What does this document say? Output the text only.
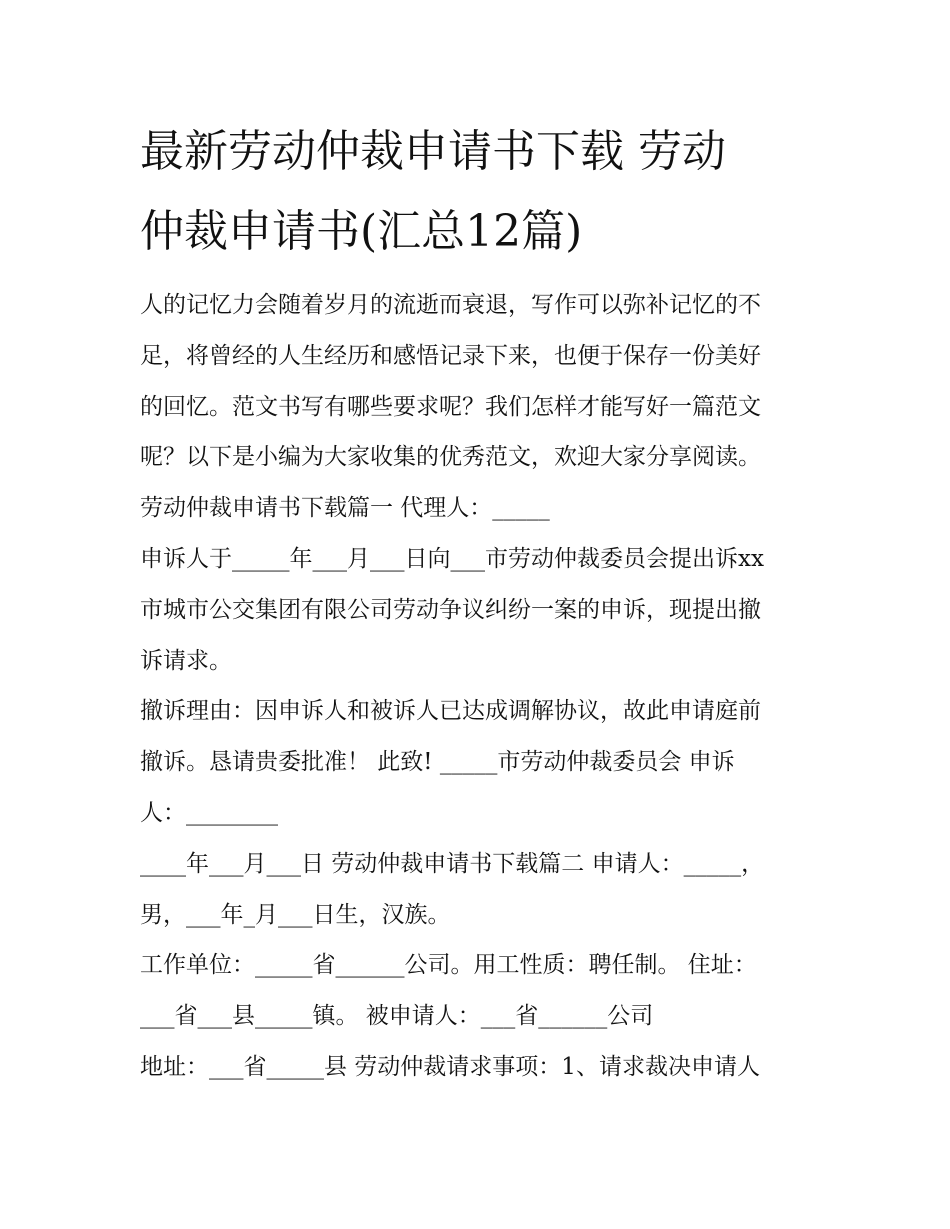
最新劳动仲裁申请书下载 劳动
仲裁申请书(汇总12篇)
人的记忆力会随着岁月的流逝而衰退，写作可以弥补记忆的不
足，将曾经的人生经历和感悟记录下来，也便于保存一份美好
的回忆。范文书写有哪些要求呢？我们怎样才能写好一篇范文
呢？以下是小编为大家收集的优秀范文，欢迎大家分享阅读。
劳动仲裁申请书下载篇一 代理人：_____
申诉人于_____年___月___日向___市劳动仲裁委员会提出诉xx
市城市公交集团有限公司劳动争议纠纷一案的申诉，现提出撤
诉请求。
撤诉理由：因申诉人和被诉人已达成调解协议，故此申请庭前
撤诉。恳请贵委批准！ 此致! _____市劳动仲裁委员会 申诉
人：________
____年___月___日 劳动仲裁申请书下载篇二 申请人：_____，
男，___年_月___日生，汉族。
工作单位：_____省______公司。用工性质：聘任制。 住址：
___省___县_____镇。 被申请人：___省______公司
地址：___省_____县 劳动仲裁请求事项：1、请求裁决申请人
